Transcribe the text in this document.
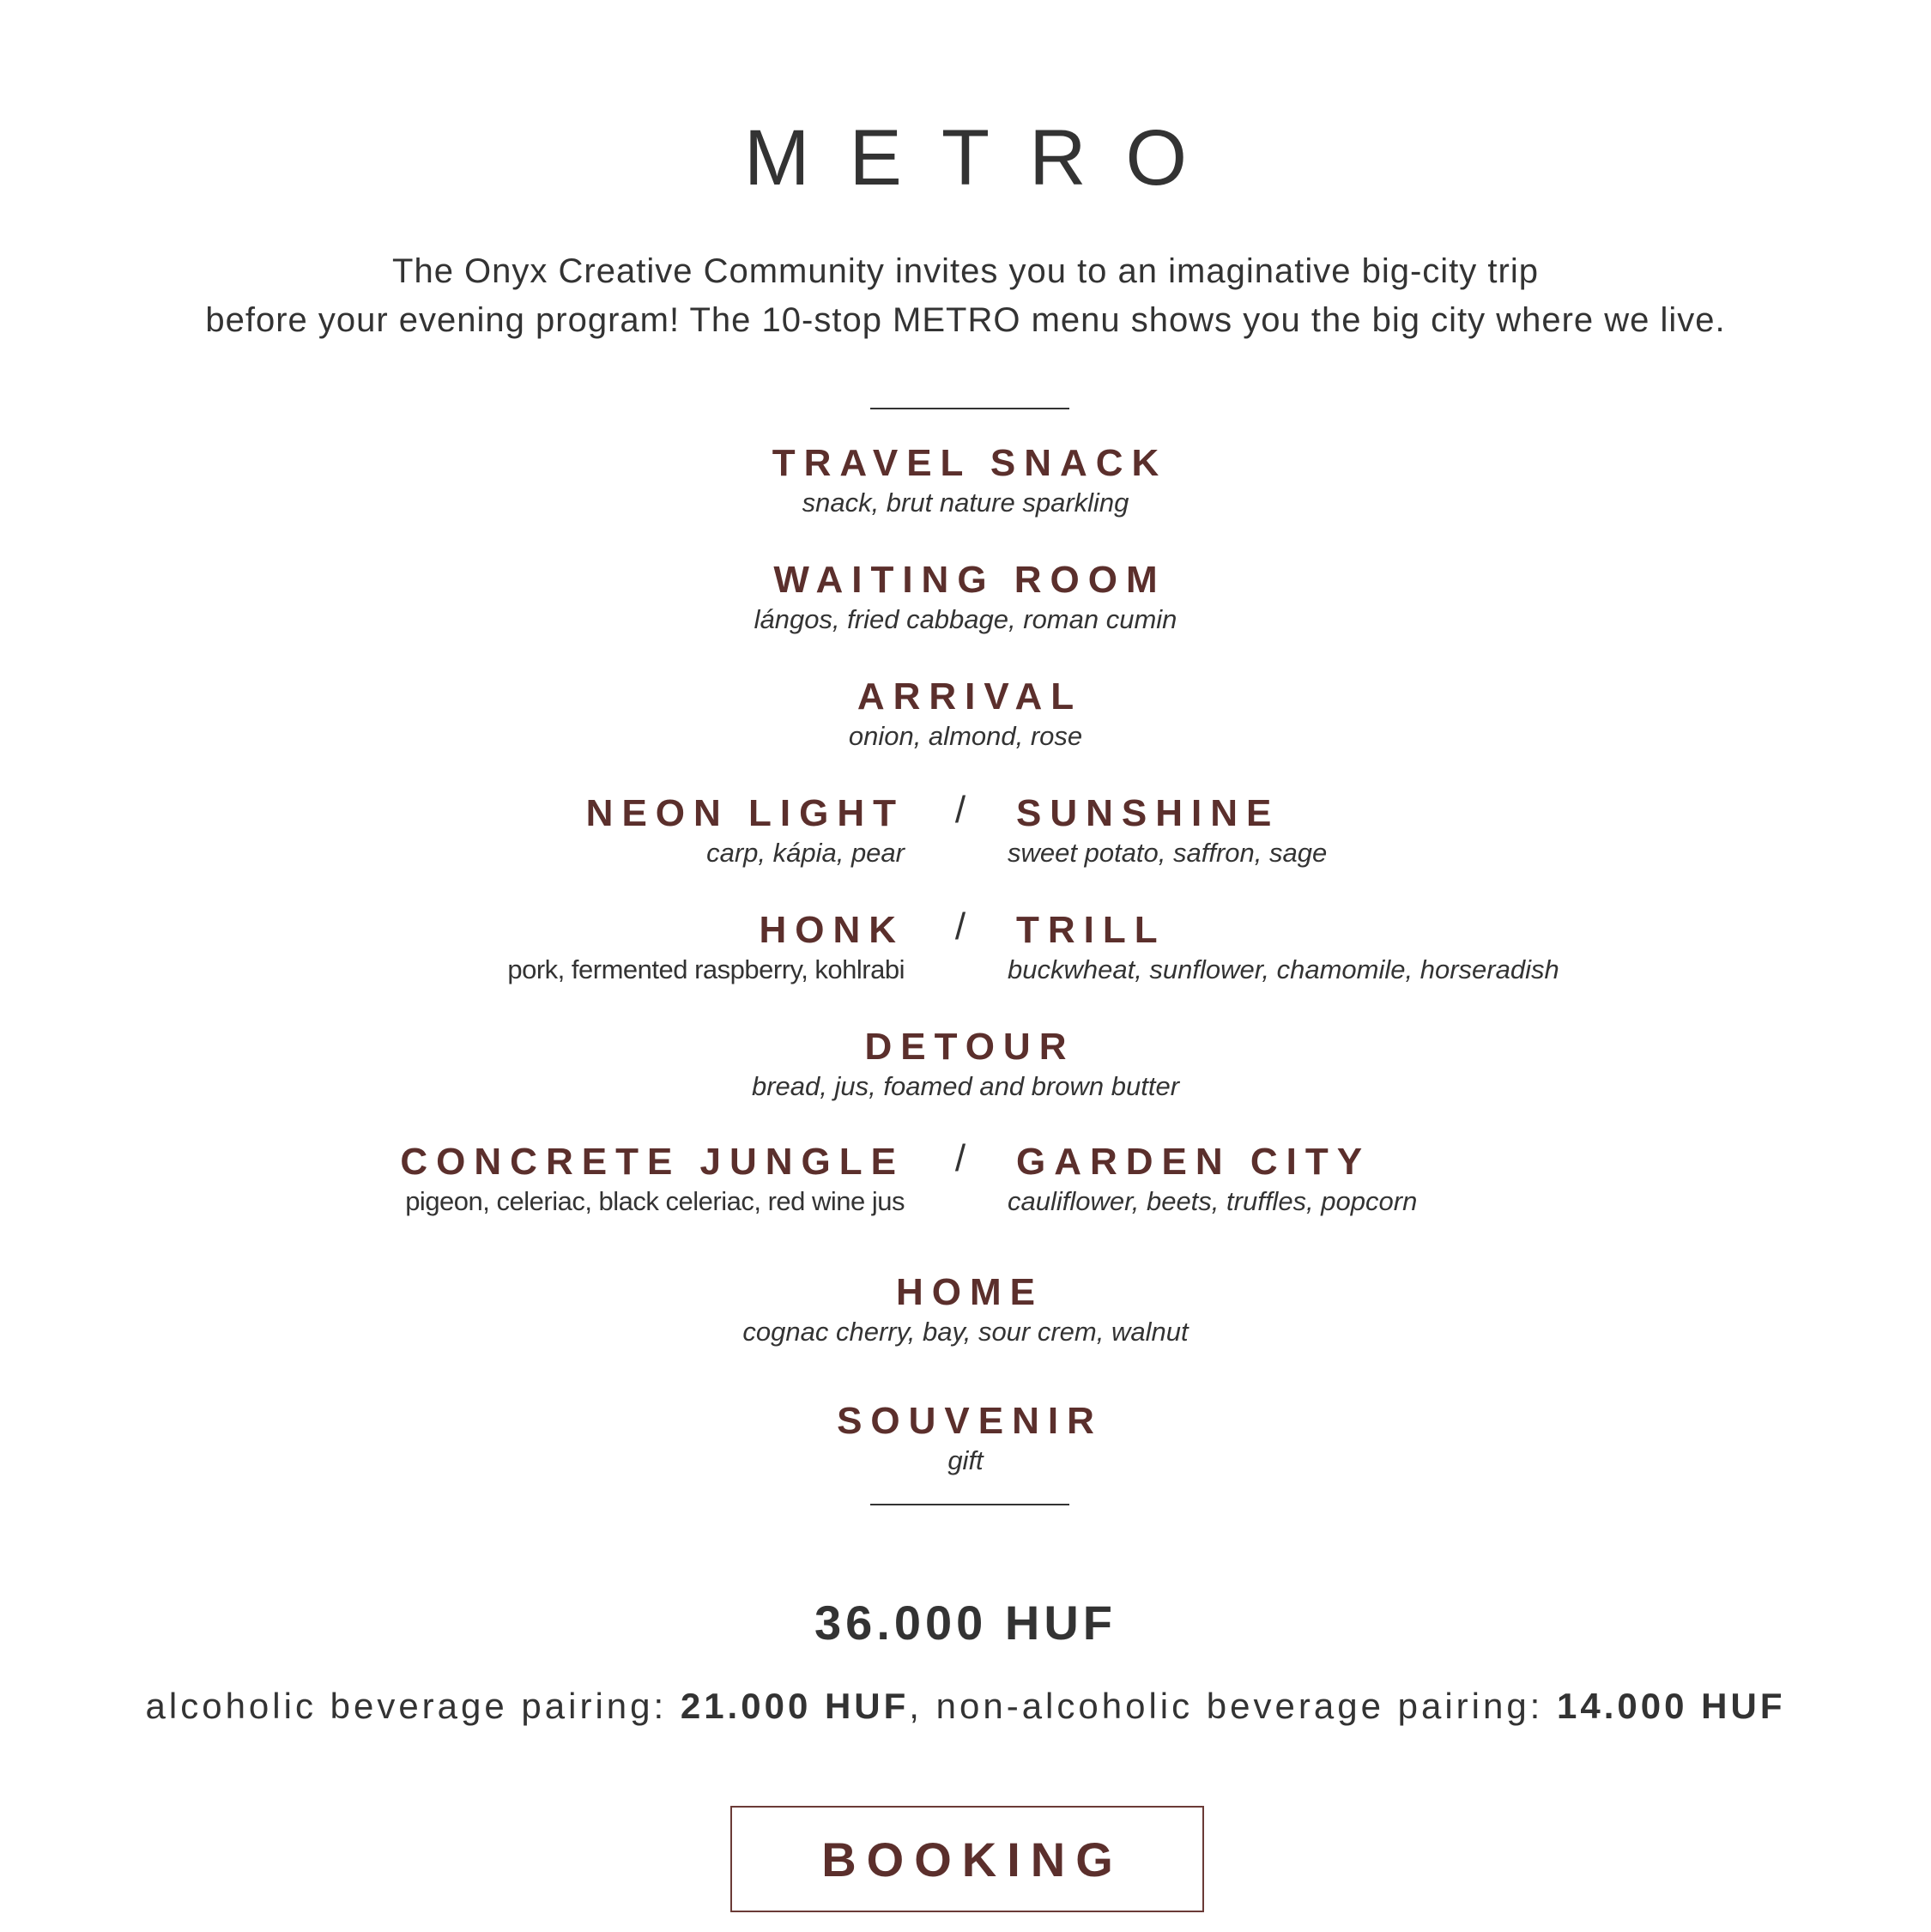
METRO
The Onyx Creative Community invites you to an imaginative big-city trip
before your evening program! The 10-stop METRO menu shows you the big city where we live.
TRAVEL SNACK
snack, brut nature sparkling
WAITING ROOM
lángos, fried cabbage, roman cumin
ARRIVAL
onion, almond, rose
NEON LIGHT
carp, kápia, pear
/ SUNSHINE
sweet potato, saffron, sage
HONK
pork, fermented raspberry, kohlrabi
/ TRILL
buckwheat, sunflower, chamomile, horseradish
DETOUR
bread, jus, foamed and brown butter
CONCRETE JUNGLE
pigeon, celeriac, black celeriac, red wine jus
/ GARDEN CITY
cauliflower, beets, truffles, popcorn
HOME
cognac cherry, bay, sour crem, walnut
SOUVENIR
gift
36.000 HUF
alcoholic beverage pairing: 21.000 HUF, non-alcoholic beverage pairing: 14.000 HUF
BOOKING
